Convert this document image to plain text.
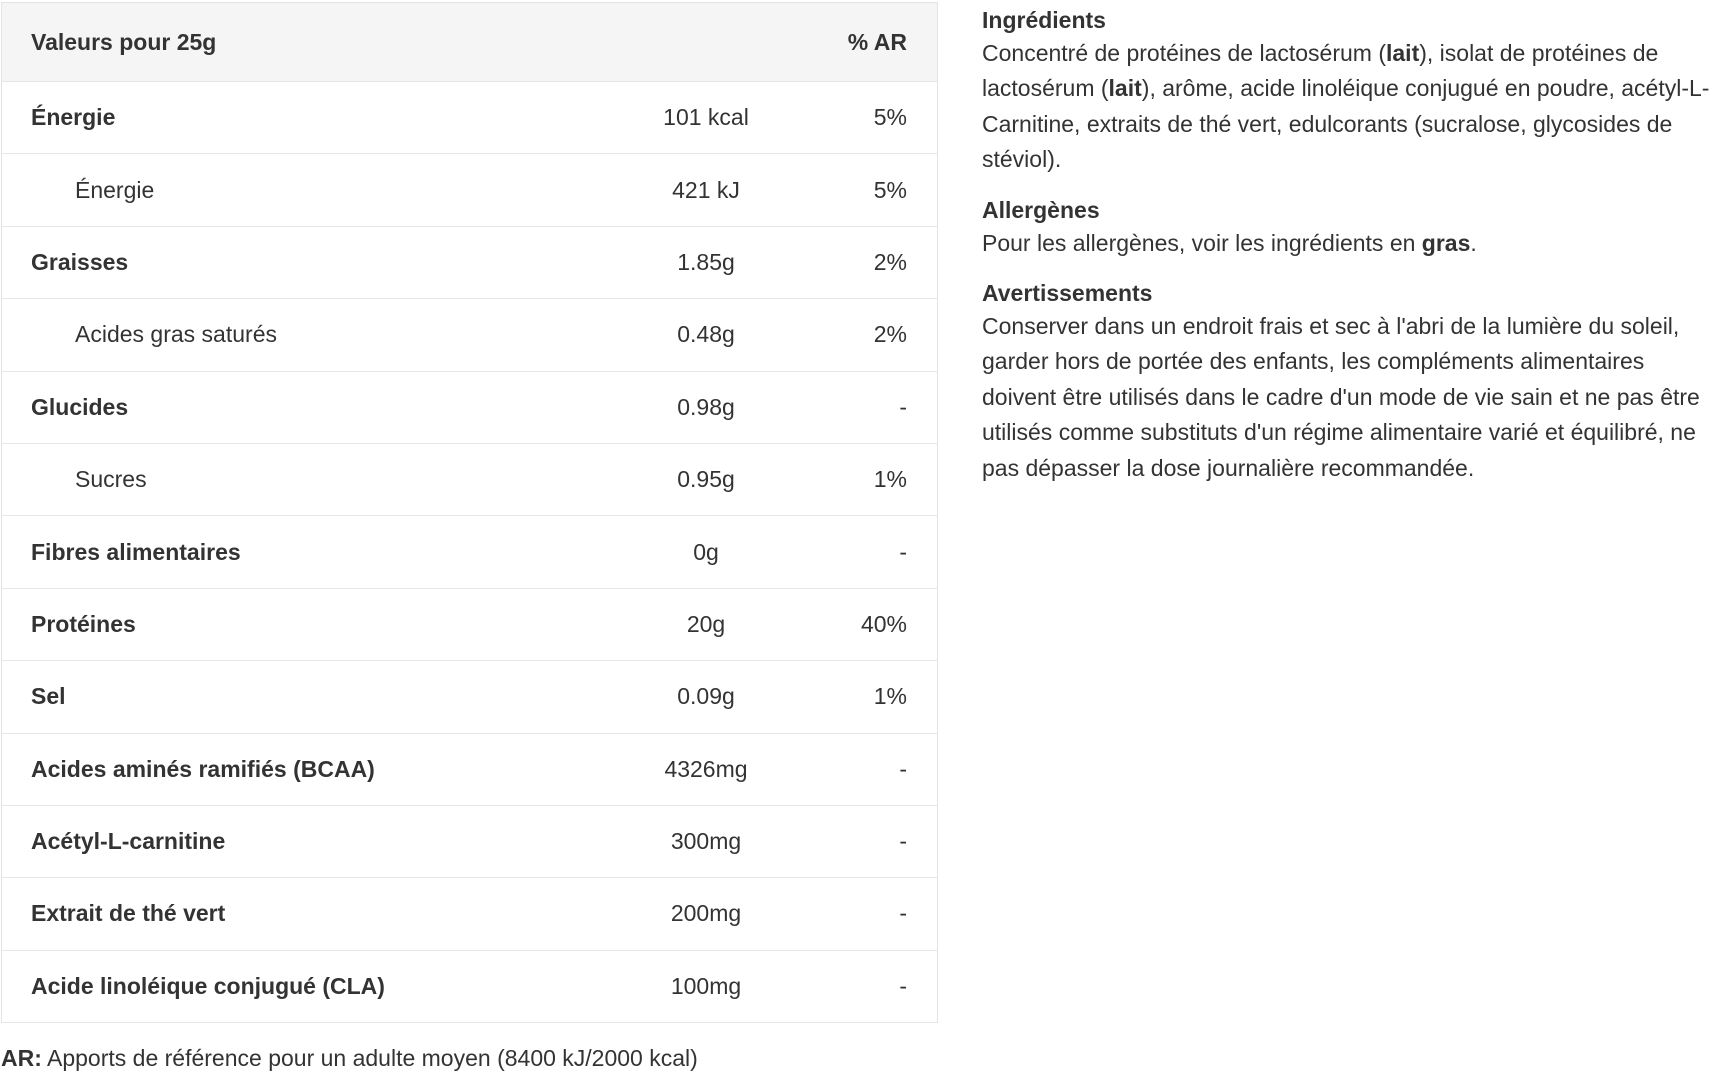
Valeurs pour 25g		% AR
Énergie	101 kcal	5%
Énergie	421 kJ	5%
Graisses	1.85g	2%
Acides gras saturés	0.48g	2%
Glucides	0.98g	-
Sucres	0.95g	1%
Fibres alimentaires	0g	-
Protéines	20g	40%
Sel	0.09g	1%
Acides aminés ramifiés (BCAA)	4326mg	-
Acétyl-L-carnitine	300mg	-
Extrait de thé vert	200mg	-
Acide linoléique conjugué (CLA)	100mg	-
AR: Apports de référence pour un adulte moyen (8400 kJ/2000 kcal)
Ingrédients

Concentré de protéines de lactosérum (lait), isolat de protéines de lactosérum (lait), arôme, acide linoléique conjugué en poudre, acétyl-L-Carnitine, extraits de thé vert, edulcorants (sucralose, glycosides de stéviol).

Allergènes

Pour les allergènes, voir les ingrédients en gras.

Avertissements

Conserver dans un endroit frais et sec à l'abri de la lumière du soleil, garder hors de portée des enfants, les compléments alimentaires doivent être utilisés dans le cadre d'un mode de vie sain et ne pas être utilisés comme substituts d'un régime alimentaire varié et équilibré, ne pas dépasser la dose journalière recommandée.
